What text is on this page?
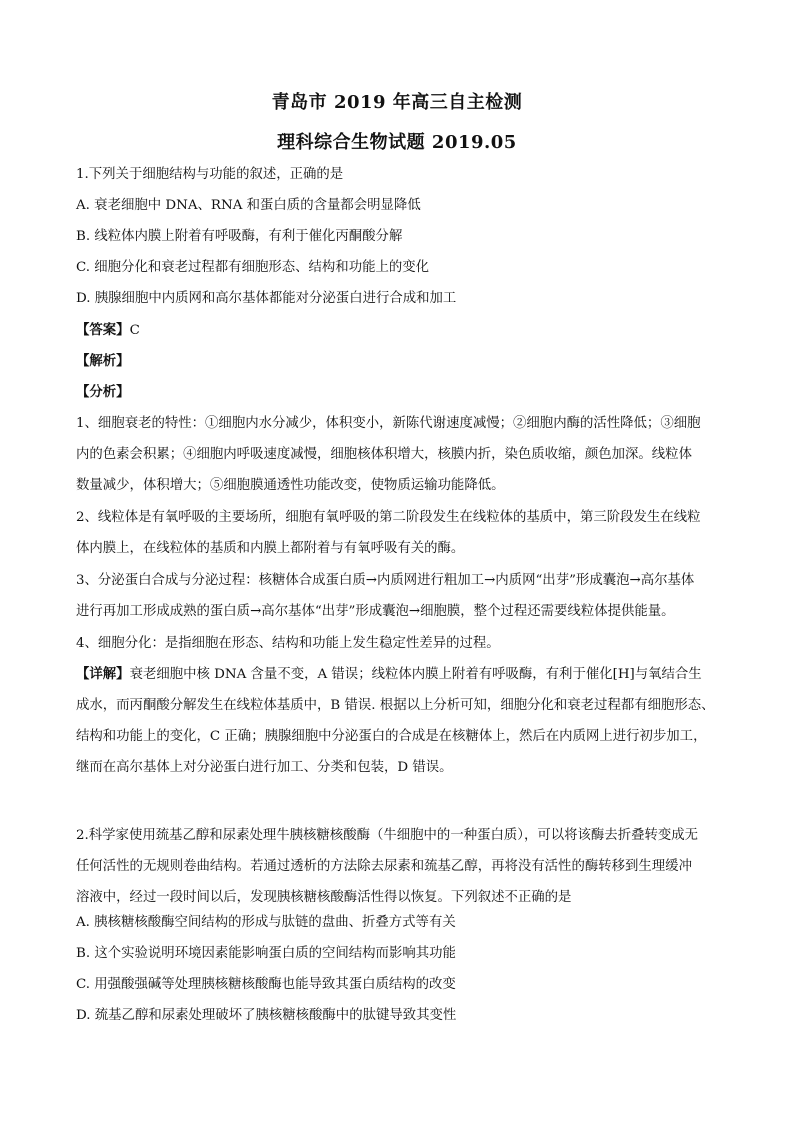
青岛市 2019 年高三自主检测
理科综合生物试题 2019.05
1.下列关于细胞结构与功能的叙述，正确的是
A. 衰老细胞中 DNA、RNA 和蛋白质的含量都会明显降低
B. 线粒体内膜上附着有呼吸酶，有利于催化丙酮酸分解
C. 细胞分化和衰老过程都有细胞形态、结构和功能上的变化
D. 胰腺细胞中内质网和高尔基体都能对分泌蛋白进行合成和加工
【答案】C
【解析】
【分析】
1、细胞衰老的特性：①细胞内水分减少，体积变小，新陈代谢速度减慢；②细胞内酶的活性降低；③细胞
内的色素会积累；④细胞内呼吸速度减慢，细胞核体积增大，核膜内折，染色质收缩，颜色加深。线粒体
数量减少，体积增大；⑤细胞膜通透性功能改变，使物质运输功能降低。
2、线粒体是有氧呼吸的主要场所，细胞有氧呼吸的第二阶段发生在线粒体的基质中，第三阶段发生在线粒
体内膜上，在线粒体的基质和内膜上都附着与有氧呼吸有关的酶。
3、分泌蛋白合成与分泌过程：核糖体合成蛋白质→内质网进行粗加工→内质网“出芽”形成囊泡→高尔基体
进行再加工形成成熟的蛋白质→高尔基体“出芽”形成囊泡→细胞膜，整个过程还需要线粒体提供能量。
4、细胞分化：是指细胞在形态、结构和功能上发生稳定性差异的过程。
【详解】衰老细胞中核 DNA 含量不变，A 错误；线粒体内膜上附着有呼吸酶，有利于催化[H]与氧结合生
成水，而丙酮酸分解发生在线粒体基质中，B 错误. 根据以上分析可知，细胞分化和衰老过程都有细胞形态、
结构和功能上的变化，C 正确；胰腺细胞中分泌蛋白的合成是在核糖体上，然后在内质网上进行初步加工，
继而在高尔基体上对分泌蛋白进行加工、分类和包装，D 错误。
2.科学家使用巯基乙醇和尿素处理牛胰核糖核酸酶（牛细胞中的一种蛋白质），可以将该酶去折叠转变成无
任何活性的无规则卷曲结构。若通过透析的方法除去尿素和巯基乙醇，再将没有活性的酶转移到生理缓冲
溶液中，经过一段时间以后，发现胰核糖核酸酶活性得以恢复。下列叙述不正确的是
A. 胰核糖核酸酶空间结构的形成与肽链的盘曲、折叠方式等有关
B. 这个实验说明环境因素能影响蛋白质的空间结构而影响其功能
C. 用强酸强碱等处理胰核糖核酸酶也能导致其蛋白质结构的改变
D. 巯基乙醇和尿素处理破坏了胰核糖核酸酶中的肽键导致其变性
